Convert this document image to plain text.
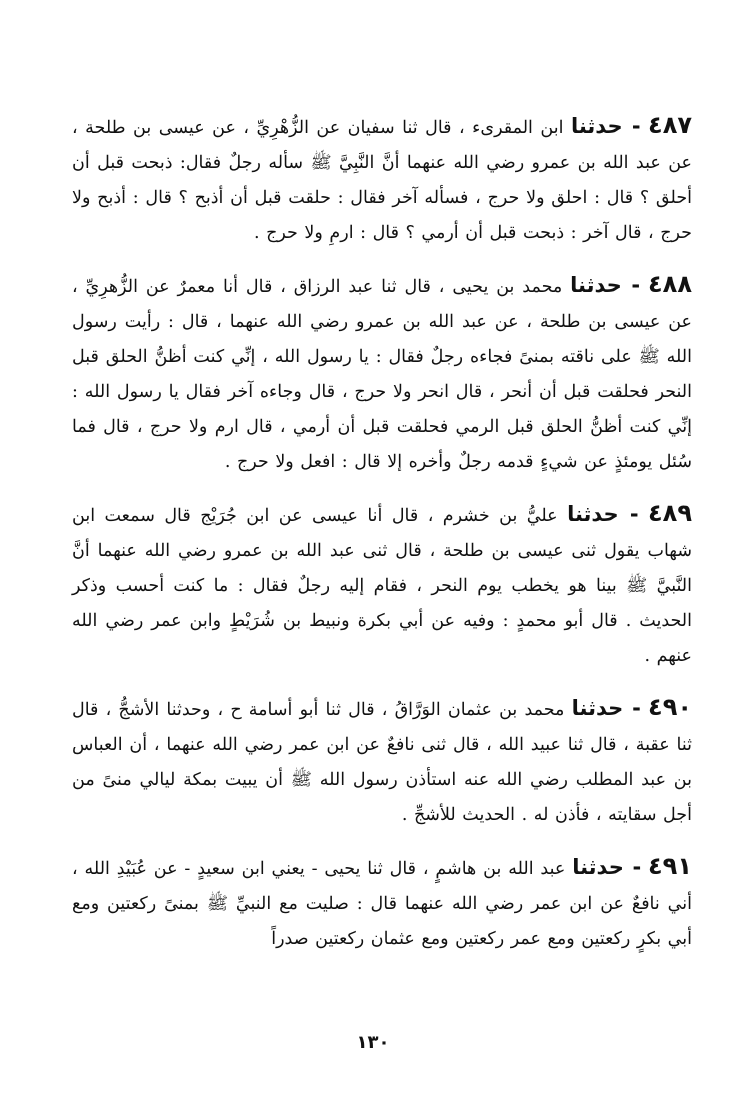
٤٨٧ - حدثنا ابن المقرىء ، قال ثنا سفيان عن الزُّهْرِيِّ ، عن عيسى بن طلحة ، عن عبد الله بن عمرو رضي الله عنهما أنَّ النَّبِيَّ ﷺ سأله رجلٌ فقال: ذبحت قبل أن أحلق ؟ قال : احلق ولا حرج ، فسأله آخر فقال : حلقت قبل أن أذبح ؟ قال : أذبح ولا حرج ، قال آخر : ذبحت قبل أن أرمي ؟ قال : ارمِ ولا حرج .

٤٨٨ - حدثنا محمد بن يحيى ، قال ثنا عبد الرزاق ، قال أنا معمرٌ عن الزُّهرِيِّ ، عن عيسى بن طلحة ، عن عبد الله بن عمرو رضي الله عنهما ، قال : رأيت رسول الله ﷺ على ناقته بمنىً فجاءه رجلٌ فقال : يا رسول الله ، إنِّي كنت أظنُّ الحلق قبل النحر فحلقت قبل أن أنحر ، قال انحر ولا حرج ، قال وجاءه آخر فقال يا رسول الله : إنِّي كنت أظنُّ الحلق قبل الرمي فحلقت قبل أن أرمي ، قال ارم ولا حرج ، قال فما سُئل يومئذٍ عن شيءٍ قدمه رجلٌ وأخره إلا قال : افعل ولا حرج .

٤٨٩ - حدثنا عليُّ بن خشرم ، قال أنا عيسى عن ابن جُرَيْج قال سمعت ابن شهاب يقول ثنى عيسى بن طلحة ، قال ثنى عبد الله بن عمرو رضي الله عنهما أنَّ النَّبيَّ ﷺ بينا هو يخطب يوم النحر ، فقام إليه رجلٌ فقال : ما كنت أحسب وذكر الحديث . قال أبو محمدٍ : وفيه عن أبي بكرة ونبيط بن شُرَيْطٍ وابن عمر رضي الله عنهم .

٤٩٠ - حدثنا محمد بن عثمان الوَرَّاقُ ، قال ثنا أبو أسامة ح ، وحدثنا الأشجُّ ، قال ثنا عقبة ، قال ثنا عبيد الله ، قال ثنى نافعٌ عن ابن عمر رضي الله عنهما ، أن العباس بن عبد المطلب رضي الله عنه استأذن رسول الله ﷺ أن يبيت بمكة ليالي منىً من أجل سقايته ، فأذن له . الحديث للأشجِّ .

٤٩١ - حدثنا عبد الله بن هاشمٍ ، قال ثنا يحيى - يعني ابن سعيدٍ - عن عُبَيْدِ الله ، أني نافعٌ عن ابن عمر رضي الله عنهما قال : صليت مع النبيِّ ﷺ بمنىً ركعتين ومع أبي بكرٍ ركعتين ومع عمر ركعتين ومع عثمان ركعتين صدراً

١٣٠
